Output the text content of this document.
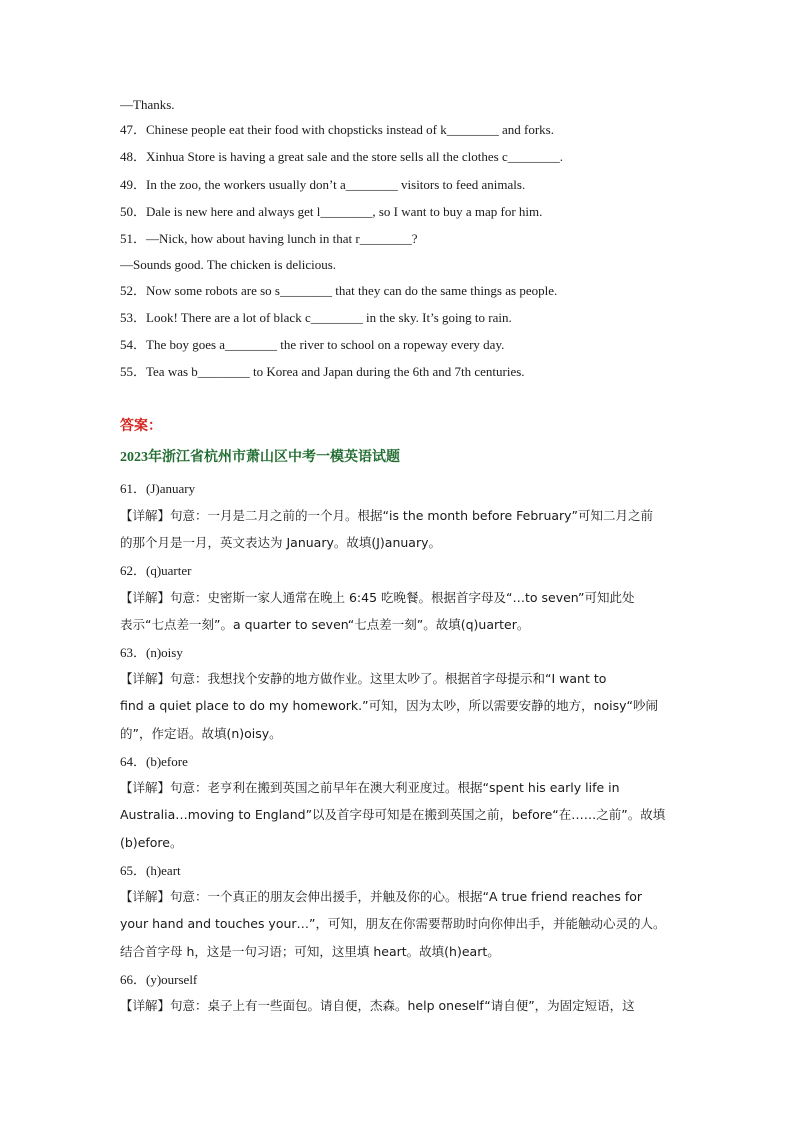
—Thanks.
47．Chinese people eat their food with chopsticks instead of k________ and forks.
48．Xinhua Store is having a great sale and the store sells all the clothes c________.
49．In the zoo, the workers usually don’t a________ visitors to feed animals.
50．Dale is new here and always get l________, so I want to buy a map for him.
51．—Nick, how about having lunch in that r________?
—Sounds good. The chicken is delicious.
52．Now some robots are so s________ that they can do the same things as people.
53．Look! There are a lot of black c________ in the sky. It’s going to rain.
54．The boy goes a________ the river to school on a ropeway every day.
55．Tea was b________ to Korea and Japan during the 6th and 7th centuries.
答案：
2023年浙江省杭州市萧山区中考一模英语试题
61．(J)anuary
【详解】句意：一月是二月之前的一个月。根据“is the month before February”可知二月之前
的那个月是一月，英文表达为 January。故填(J)anuary。
62．(q)uarter
【详解】句意：史密斯一家人通常在晚上 6:45 吃晚餐。根据首字母及“…to seven”可知此处
表示“七点差一刻”。a quarter to seven“七点差一刻”。故填(q)uarter。
63．(n)oisy
【详解】句意：我想找个安静的地方做作业。这里太吵了。根据首字母提示和“I want to
find a quiet place to do my homework.”可知，因为太吵，所以需要安静的地方，noisy“吵闹
的”，作定语。故填(n)oisy。
64．(b)efore
【详解】句意：老亨利在搬到英国之前早年在澳大利亚度过。根据“spent his early life in
Australia…moving to England”以及首字母可知是在搬到英国之前，before“在……之前”。故填
(b)efore。
65．(h)eart
【详解】句意：一个真正的朋友会伸出援手，并触及你的心。根据“A true friend reaches for
your hand and touches your…”，可知，朋友在你需要帮助时向你伸出手，并能触动心灵的人。
结合首字母 h，这是一句习语；可知，这里填 heart。故填(h)eart。
66．(y)ourself
【详解】句意：桌子上有一些面包。请自便，杰森。help oneself“请自便”，为固定短语，这
